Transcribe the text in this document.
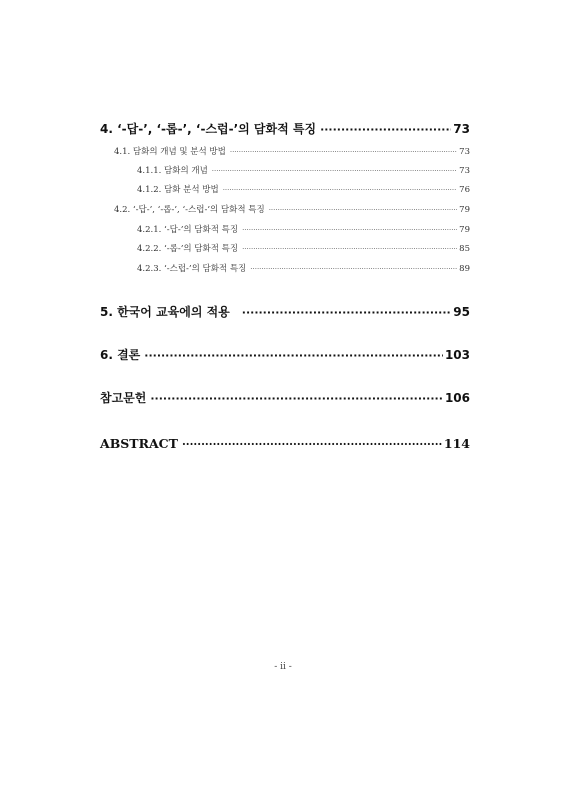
4. ‘-답-’, ‘-롭-’, ‘-스럽-’의 담화적 특징 ·····	73
4.1. 담화의 개념 및 분석 방법 ·····	73
4.1.1. 담화의 개념 ·····	73
4.1.2. 담화 분석 방법 ·····	76
4.2. ‘-답-’, ‘-롭-’, ‘-스럽-’의 담화적 특징 ·····	79
4.2.1. ‘-답-’의 담화적 특징 ·····	79
4.2.2. ‘-롭-’의 담화적 특징 ·····	85
4.2.3. ‘-스럽-’의 담화적 특징 ·····	89
5. 한국어 교육에의 적용 ·····	95
6. 결론 ·····	103
참고문헌 ·····	106
ABSTRACT ·····	114
- ii -
